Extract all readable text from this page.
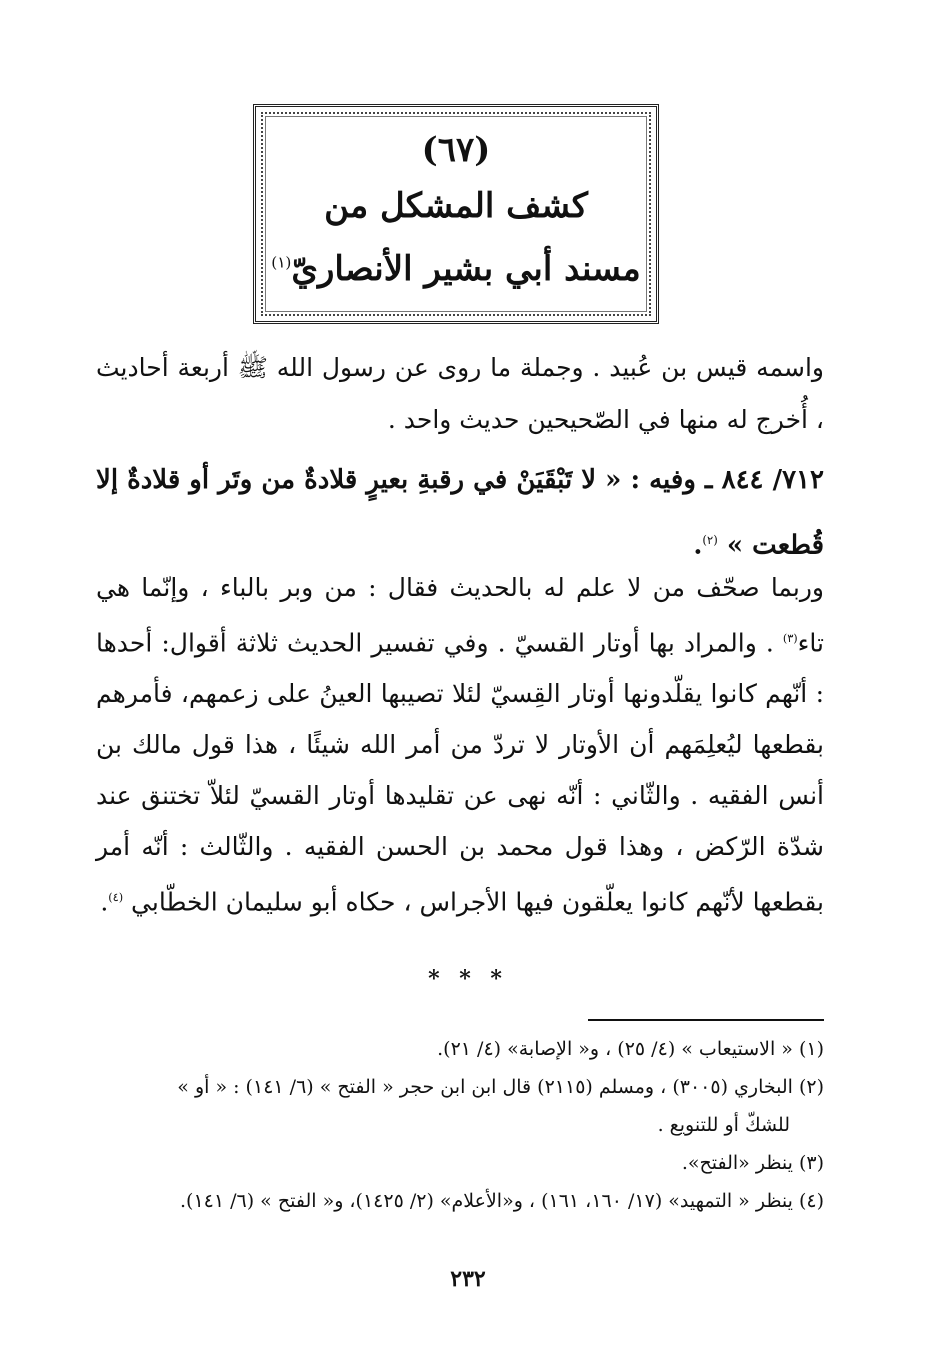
(٦٧)
كشف المشكل من
مسند أبي بشير الأنصاريّ$^{(١)}$

واسمه قيس بن عُبيد . وجملة ما روى عن رسول الله ﷺ أربعة أحاديث ، أُخرج له منها في الصّحيحين حديث واحد .

٧١٢/ ٨٤٤ ـ وفيه : « لا تَبْقَيَنْ في رقبةِ بعيرٍ قلادةٌ من وتَر أو قلادةٌ إلا قُطعت » $^{(٢)}$.

وربما صحّف من لا علم له بالحديث فقال : من وبر بالباء ، وإنّما هي تاء$^{(٣)}$ . والمراد بها أوتار القسيّ . وفي تفسير الحديث ثلاثة أقوال: أحدها : أنّهم كانوا يقلّدونها أوتار القِسيّ لئلا تصيبها العينُ على زعمهم، فأمرهم بقطعها ليُعلِمَهم أن الأوتار لا تردّ من أمر الله شيئًا ، هذا قول مالك بن أنس الفقيه . والثّاني : أنّه نهى عن تقليدها أوتار القسيّ لئلاّ تختنق عند شدّة الرّكض ، وهذا قول محمد بن الحسن الفقيه . والثّالث : أنّه أمر بقطعها لأنّهم كانوا يعلّقون فيها الأجراس ، حكاه أبو سليمان الخطّابي $^{(٤)}$.

* * *

(١)« الاستيعاب » (٤/ ٢٥) ، و« الإصابة» (٤/ ٢١).

(٢)البخاري (٣٠٠٥) ، ومسلم (٢١١٥) قال ابن ابن حجر « الفتح » (٦/ ١٤١) : « أو »

للشكّ أو للتنويع .

(٣)ينظر «الفتح».

(٤)ينظر « التمهيد» (١٧/ ١٦٠، ١٦١) ، و«الأعلام» (٢/ ١٤٢٥)، و« الفتح » (٦/ ١٤١).

٢٣٢
